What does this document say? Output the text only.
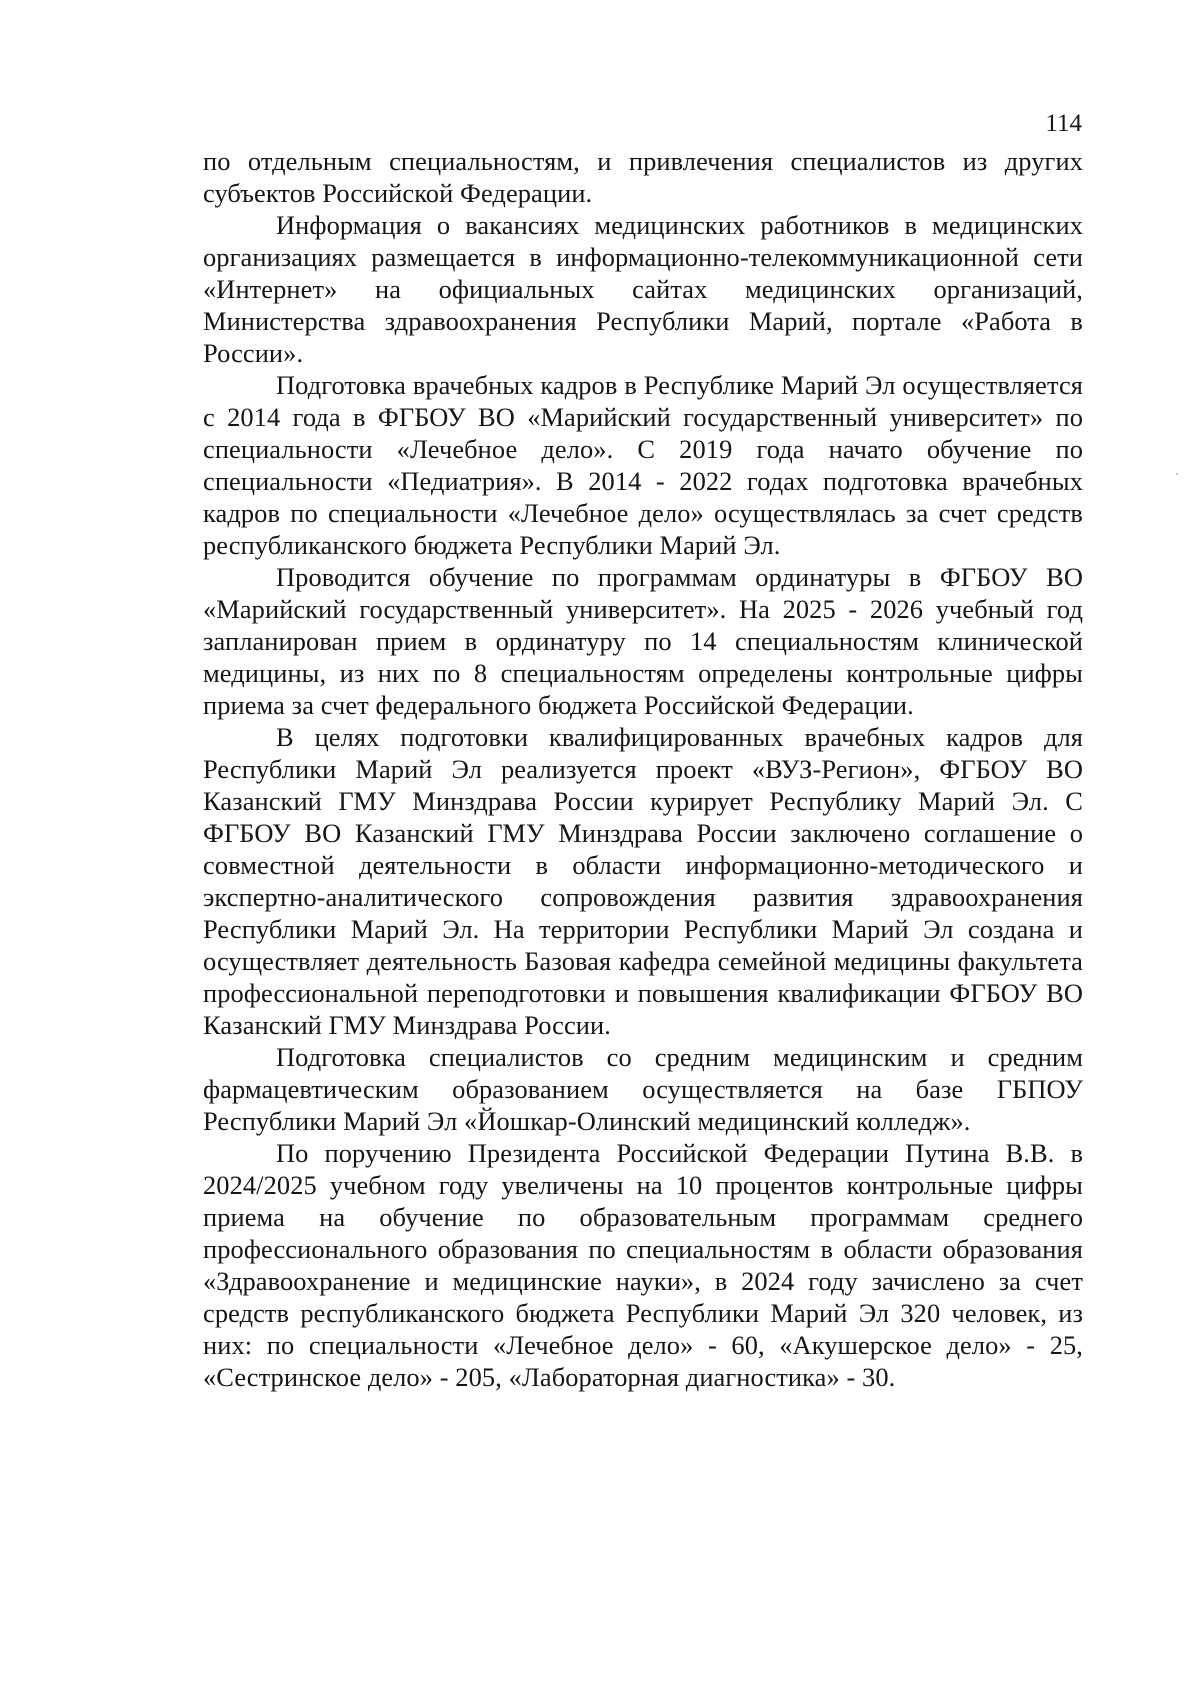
114

по отдельным специальностям, и привлечения специалистов из других субъектов Российской Федерации.

Информация о вакансиях медицинских работников в медицинских организациях размещается в информационно-телекоммуникационной сети «Интернет» на официальных сайтах медицинских организаций, Министерства здравоохранения Республики Марий, портале «Работа в России».

Подготовка врачебных кадров в Республике Марий Эл осуществляется с 2014 года в ФГБОУ ВО «Марийский государственный университет» по специальности «Лечебное дело». С 2019 года начато обучение по специальности «Педиатрия». В 2014 - 2022 годах подготовка врачебных кадров по специальности «Лечебное дело» осуществлялась за счет средств республиканского бюджета Республики Марий Эл.

Проводится обучение по программам ординатуры в ФГБОУ ВО «Марийский государственный университет». На 2025 - 2026 учебный год запланирован прием в ординатуру по 14 специальностям клинической медицины, из них по 8 специальностям определены контрольные цифры приема за счет федерального бюджета Российской Федерации.

В целях подготовки квалифицированных врачебных кадров для Республики Марий Эл реализуется проект «ВУЗ-Регион», ФГБОУ ВО Казанский ГМУ Минздрава России курирует Республику Марий Эл. С ФГБОУ ВО Казанский ГМУ Минздрава России заключено соглашение о совместной деятельности в области информационно-методического и экспертно-аналитического сопровождения развития здравоохранения Республики Марий Эл. На территории Республики Марий Эл создана и осуществляет деятельность Базовая кафедра семейной медицины факультета профессиональной переподготовки и повышения квалификации ФГБОУ ВО Казанский ГМУ Минздрава России.

Подготовка специалистов со средним медицинским и средним фармацевтическим образованием осуществляется на базе ГБПОУ Республики Марий Эл «Йошкар-Олинский медицинский колледж».

По поручению Президента Российской Федерации Путина В.В. в 2024/2025 учебном году увеличены на 10 процентов контрольные цифры приема на обучение по образовательным программам среднего профессионального образования по специальностям в области образования «Здравоохранение и медицинские науки», в 2024 году зачислено за счет средств республиканского бюджета Республики Марий Эл 320 человек, из них: по специальности «Лечебное дело» - 60, «Акушерское дело» - 25, «Сестринское дело» - 205, «Лабораторная диагностика» - 30.
